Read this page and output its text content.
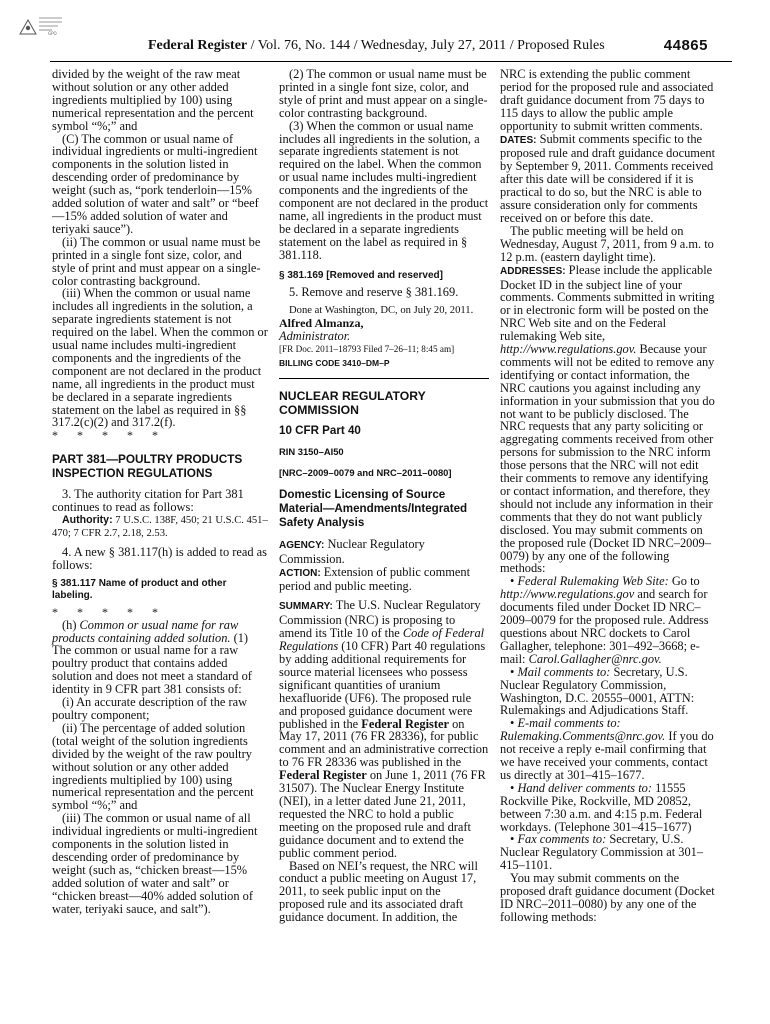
GPO
Federal Register / Vol. 76, No. 144 / Wednesday, July 27, 2011 / Proposed Rules	44865

divided by the weight of the raw meat without solution or any other added ingredients multiplied by 100) using numerical representation and the percent symbol “%;” and

(C) The common or usual name of individual ingredients or multi-ingredient components in the solution listed in descending order of predominance by weight (such as, “pork tenderloin—15% added solution of water and salt” or “beef—15% added solution of water and teriyaki sauce”).

(ii) The common or usual name must be printed in a single font size, color, and style of print and must appear on a single-color contrasting background.

(iii) When the common or usual name includes all ingredients in the solution, a separate ingredients statement is not required on the label. When the common or usual name includes multi-ingredient components and the ingredients of the component are not declared in the product name, all ingredients in the product must be declared in a separate ingredients statement on the label as required in §§ 317.2(c)(2) and 317.2(f).

* * * * *

PART 381—POULTRY PRODUCTS INSPECTION REGULATIONS

3. The authority citation for Part 381 continues to read as follows:

Authority: 7 U.S.C. 138F, 450; 21 U.S.C. 451–470; 7 CFR 2.7, 2.18, 2.53.

4. A new § 381.117(h) is added to read as follows:

§ 381.117 Name of product and other labeling.

* * * * *

(h) Common or usual name for raw products containing added solution. (1) The common or usual name for a raw poultry product that contains added solution and does not meet a standard of identity in 9 CFR part 381 consists of:

(i) An accurate description of the raw poultry component;

(ii) The percentage of added solution (total weight of the solution ingredients divided by the weight of the raw poultry without solution or any other added ingredients multiplied by 100) using numerical representation and the percent symbol “%;” and

(iii) The common or usual name of all individual ingredients or multi-ingredient components in the solution listed in descending order of predominance by weight (such as, “chicken breast—15% added solution of water and salt” or “chicken breast—40% added solution of water, teriyaki sauce, and salt”).

(2) The common or usual name must be printed in a single font size, color, and style of print and must appear on a single-color contrasting background.

(3) When the common or usual name includes all ingredients in the solution, a separate ingredients statement is not required on the label. When the common or usual name includes multi-ingredient components and the ingredients of the component are not declared in the product name, all ingredients in the product must be declared in a separate ingredients statement on the label as required in § 381.118.

§ 381.169 [Removed and reserved]

5. Remove and reserve § 381.169.

Done at Washington, DC, on July 20, 2011.

Alfred Almanza,

Administrator.

[FR Doc. 2011–18793 Filed 7–26–11; 8:45 am]

BILLING CODE 3410–DM–P
NUCLEAR REGULATORY COMMISSION
10 CFR Part 40
RIN 3150–AI50
[NRC–2009–0079 and NRC–2011–0080]
Domestic Licensing of Source Material—Amendments/Integrated Safety Analysis

AGENCY: Nuclear Regulatory Commission.

ACTION: Extension of public comment period and public meeting.

SUMMARY: The U.S. Nuclear Regulatory Commission (NRC) is proposing to amend its Title 10 of the Code of Federal Regulations (10 CFR) Part 40 regulations by adding additional requirements for source material licensees who possess significant quantities of uranium hexafluoride (UF6). The proposed rule and proposed guidance document were published in the Federal Register on May 17, 2011 (76 FR 28336), for public comment and an administrative correction to 76 FR 28336 was published in the Federal Register on June 1, 2011 (76 FR 31507). The Nuclear Energy Institute (NEI), in a letter dated June 21, 2011, requested the NRC to hold a public meeting on the proposed rule and draft guidance document and to extend the public comment period.

Based on NEI’s request, the NRC will conduct a public meeting on August 17, 2011, to seek public input on the proposed rule and its associated draft guidance document. In addition, the

NRC is extending the public comment period for the proposed rule and associated draft guidance document from 75 days to 115 days to allow the public ample opportunity to submit written comments.

DATES: Submit comments specific to the proposed rule and draft guidance document by September 9, 2011. Comments received after this date will be considered if it is practical to do so, but the NRC is able to assure consideration only for comments received on or before this date.

The public meeting will be held on Wednesday, August 7, 2011, from 9 a.m. to 12 p.m. (eastern daylight time).

ADDRESSES: Please include the applicable Docket ID in the subject line of your comments. Comments submitted in writing or in electronic form will be posted on the NRC Web site and on the Federal rulemaking Web site, http://www.regulations.gov. Because your comments will not be edited to remove any identifying or contact information, the NRC cautions you against including any information in your submission that you do not want to be publicly disclosed. The NRC requests that any party soliciting or aggregating comments received from other persons for submission to the NRC inform those persons that the NRC will not edit their comments to remove any identifying or contact information, and therefore, they should not include any information in their comments that they do not want publicly disclosed. You may submit comments on the proposed rule (Docket ID NRC–2009–0079) by any one of the following methods:

• Federal Rulemaking Web Site: Go to http://www.regulations.gov and search for documents filed under Docket ID NRC–2009–0079 for the proposed rule. Address questions about NRC dockets to Carol Gallagher, telephone: 301–492–3668; e-mail: Carol.Gallagher@nrc.gov.

• Mail comments to: Secretary, U.S. Nuclear Regulatory Commission, Washington, D.C. 20555–0001, ATTN: Rulemakings and Adjudications Staff.

• E-mail comments to: Rulemaking.Comments@nrc.gov. If you do not receive a reply e-mail confirming that we have received your comments, contact us directly at 301–415–1677.

• Hand deliver comments to: 11555 Rockville Pike, Rockville, MD 20852, between 7:30 a.m. and 4:15 p.m. Federal workdays. (Telephone 301–415–1677)

• Fax comments to: Secretary, U.S. Nuclear Regulatory Commission at 301–415–1101.

You may submit comments on the proposed draft guidance document (Docket ID NRC–2011–0080) by any one of the following methods:
